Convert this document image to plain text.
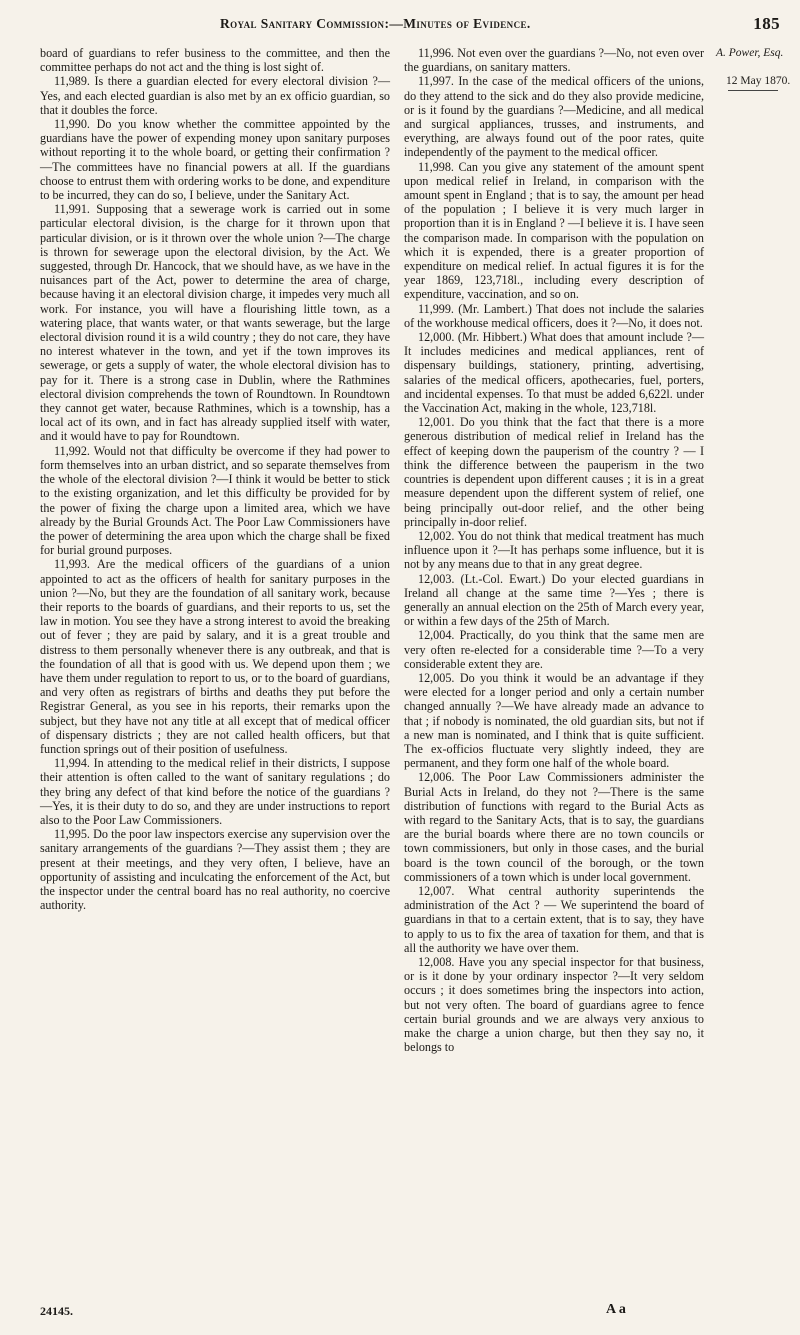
Royal Sanitary Commission:—Minutes of Evidence.	185

board of guardians to refer business to the committee, and then the committee perhaps do not act and the thing is lost sight of.

11,989. Is there a guardian elected for every electoral division ?—Yes, and each elected guardian is also met by an ex officio guardian, so that it doubles the force.

11,990. Do you know whether the committee appointed by the guardians have the power of expending money upon sanitary purposes without reporting it to the whole board, or getting their confirmation ?—The committees have no financial powers at all. If the guardians choose to entrust them with ordering works to be done, and expenditure to be incurred, they can do so, I believe, under the Sanitary Act.

11,991. Supposing that a sewerage work is carried out in some particular electoral division, is the charge for it thrown upon that particular division, or is it thrown over the whole union ?—The charge is thrown for sewerage upon the electoral division, by the Act. We suggested, through Dr. Hancock, that we should have, as we have in the nuisances part of the Act, power to determine the area of charge, because having it an electoral division charge, it impedes very much all work. For instance, you will have a flourishing little town, as a watering place, that wants water, or that wants sewerage, but the large electoral division round it is a wild country ; they do not care, they have no interest whatever in the town, and yet if the town improves its sewerage, or gets a supply of water, the whole electoral division has to pay for it. There is a strong case in Dublin, where the Rathmines electoral division comprehends the town of Roundtown. In Roundtown they cannot get water, because Rathmines, which is a township, has a local act of its own, and in fact has already supplied itself with water, and it would have to pay for Roundtown.

11,992. Would not that difficulty be overcome if they had power to form themselves into an urban district, and so separate themselves from the whole of the electoral division ?—I think it would be better to stick to the existing organization, and let this difficulty be provided for by the power of fixing the charge upon a limited area, which we have already by the Burial Grounds Act. The Poor Law Commissioners have the power of determining the area upon which the charge shall be fixed for burial ground purposes.

11,993. Are the medical officers of the guardians of a union appointed to act as the officers of health for sanitary purposes in the union ?—No, but they are the foundation of all sanitary work, because their reports to the boards of guardians, and their reports to us, set the law in motion. You see they have a strong interest to avoid the breaking out of fever ; they are paid by salary, and it is a great trouble and distress to them personally whenever there is any outbreak, and that is the foundation of all that is good with us. We depend upon them ; we have them under regulation to report to us, or to the board of guardians, and very often as registrars of births and deaths they put before the Registrar General, as you see in his reports, their remarks upon the subject, but they have not any title at all except that of medical officer of dispensary districts ; they are not called health officers, but that function springs out of their position of usefulness.

11,994. In attending to the medical relief in their districts, I suppose their attention is often called to the want of sanitary regulations ; do they bring any defect of that kind before the notice of the guardians ? —Yes, it is their duty to do so, and they are under instructions to report also to the Poor Law Commissioners.

11,995. Do the poor law inspectors exercise any supervision over the sanitary arrangements of the guardians ?—They assist them ; they are present at their meetings, and they very often, I believe, have an opportunity of assisting and inculcating the enforcement of the Act, but the inspector under the central board has no real authority, no coercive authority.

11,996. Not even over the guardians ?—No, not even over the guardians, on sanitary matters.

11,997. In the case of the medical officers of the unions, do they attend to the sick and do they also provide medicine, or is it found by the guardians ?—Medicine, and all medical and surgical appliances, trusses, and instruments, and everything, are always found out of the poor rates, quite independently of the payment to the medical officer.

11,998. Can you give any statement of the amount spent upon medical relief in Ireland, in comparison with the amount spent in England ; that is to say, the amount per head of the population ; I believe it is very much larger in proportion than it is in England ? —I believe it is. I have seen the comparison made. In comparison with the population on which it is expended, there is a greater proportion of expenditure on medical relief. In actual figures it is for the year 1869, 123,718l., including every description of expenditure, vaccination, and so on.

11,999. (Mr. Lambert.) That does not include the salaries of the workhouse medical officers, does it ?—No, it does not.

12,000. (Mr. Hibbert.) What does that amount include ?—It includes medicines and medical appliances, rent of dispensary buildings, stationery, printing, advertising, salaries of the medical officers, apothecaries, fuel, porters, and incidental expenses. To that must be added 6,622l. under the Vaccination Act, making in the whole, 123,718l.

12,001. Do you think that the fact that there is a more generous distribution of medical relief in Ireland has the effect of keeping down the pauperism of the country ? — I think the difference between the pauperism in the two countries is dependent upon different causes ; it is in a great measure dependent upon the different system of relief, one being principally out-door relief, and the other being principally in-door relief.

12,002. You do not think that medical treatment has much influence upon it ?—It has perhaps some influence, but it is not by any means due to that in any great degree.

12,003. (Lt.-Col. Ewart.) Do your elected guardians in Ireland all change at the same time ?—Yes ; there is generally an annual election on the 25th of March every year, or within a few days of the 25th of March.

12,004. Practically, do you think that the same men are very often re-elected for a considerable time ?—To a very considerable extent they are.

12,005. Do you think it would be an advantage if they were elected for a longer period and only a certain number changed annually ?—We have already made an advance to that ; if nobody is nominated, the old guardian sits, but not if a new man is nominated, and I think that is quite sufficient. The ex-officios fluctuate very slightly indeed, they are permanent, and they form one half of the whole board.

12,006. The Poor Law Commissioners administer the Burial Acts in Ireland, do they not ?—There is the same distribution of functions with regard to the Burial Acts as with regard to the Sanitary Acts, that is to say, the guardians are the burial boards where there are no town councils or town commissioners, but only in those cases, and the burial board is the town council of the borough, or the town commissioners of a town which is under local government.

12,007. What central authority superintends the administration of the Act ? — We superintend the board of guardians in that to a certain extent, that is to say, they have to apply to us to fix the area of taxation for them, and that is all the authority we have over them.

12,008. Have you any special inspector for that business, or is it done by your ordinary inspector ?—It very seldom occurs ; it does sometimes bring the inspectors into action, but not very often. The board of guardians agree to fence certain burial grounds and we are always very anxious to make the charge a union charge, but then they say no, it belongs to

A. Power, Esq.
12 May 1870.
24145.	A a
